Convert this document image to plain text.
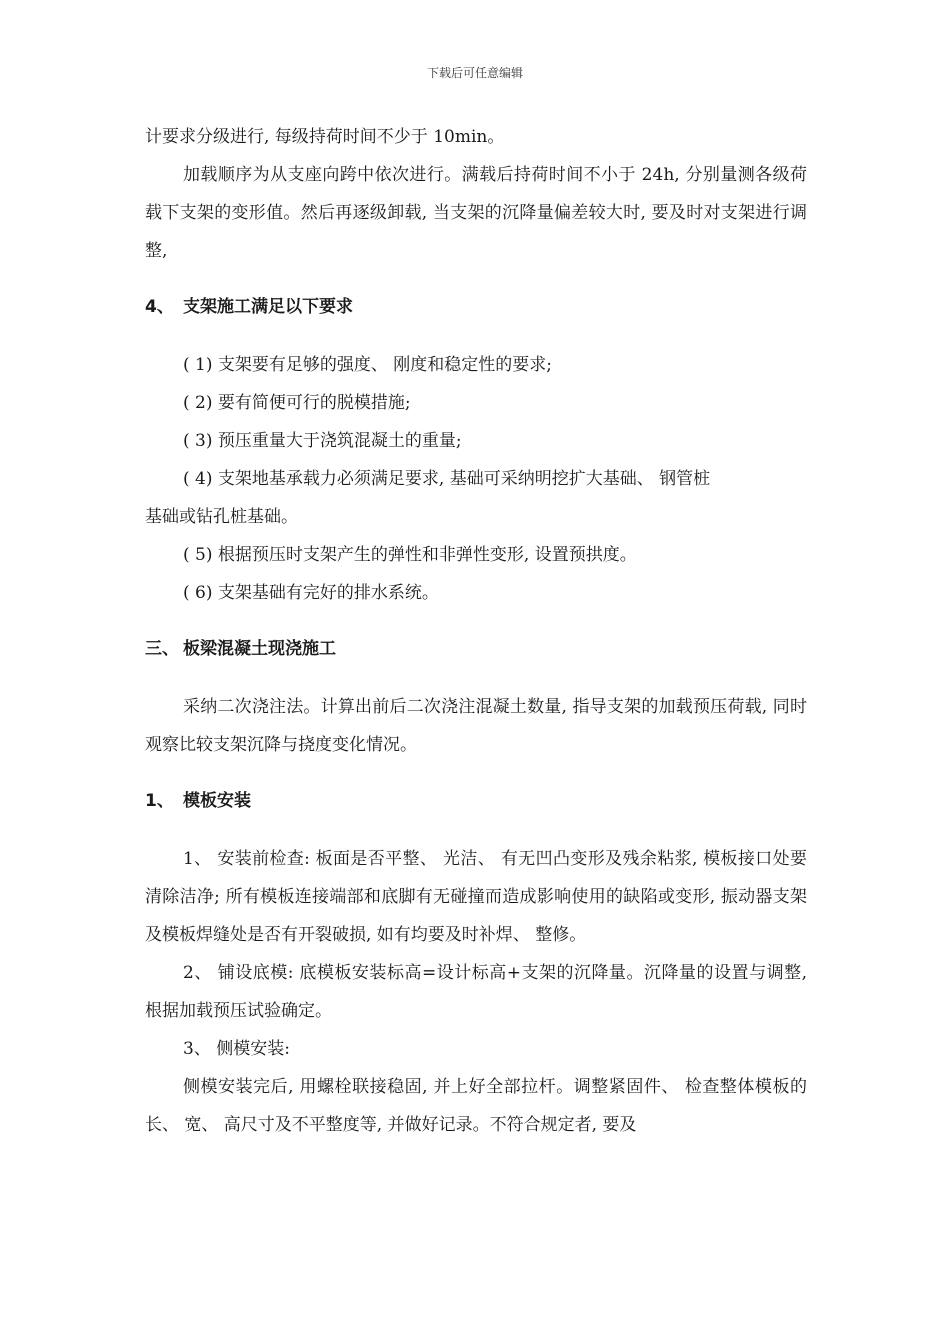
下载后可任意编辑

计要求分级进行, 每级持荷时间不少于 10min。

加载顺序为从支座向跨中依次进行。满载后持荷时间不小于 24h, 分别量测各级荷载下支架的变形值。然后再逐级卸载, 当支架的沉降量偏差较大时, 要及时对支架进行调整,

4、 支架施工满足以下要求

( 1) 支架要有足够的强度、 刚度和稳定性的要求;

( 2) 要有简便可行的脱模措施;

( 3) 预压重量大于浇筑混凝土的重量;

( 4) 支架地基承载力必须满足要求, 基础可采纳明挖扩大基础、 钢管桩

基础或钻孔桩基础。

( 5) 根据预压时支架产生的弹性和非弹性变形, 设置预拱度。

( 6) 支架基础有完好的排水系统。

三、 板梁混凝土现浇施工

采纳二次浇注法。计算出前后二次浇注混凝土数量, 指导支架的加载预压荷载, 同时观察比较支架沉降与挠度变化情况。

1、 模板安装

1、 安装前检查: 板面是否平整、 光洁、 有无凹凸变形及残余粘浆, 模板接口处要清除洁净; 所有模板连接端部和底脚有无碰撞而造成影响使用的缺陷或变形, 振动器支架及模板焊缝处是否有开裂破损, 如有均要及时补焊、 整修。

2、 铺设底模: 底模板安装标高=设计标高+支架的沉降量。沉降量的设置与调整, 根据加载预压试验确定。

3、 侧模安装:

侧模安装完后, 用螺栓联接稳固, 并上好全部拉杆。调整紧固件、 检查整体模板的长、 宽、 高尺寸及不平整度等, 并做好记录。不符合规定者, 要及
